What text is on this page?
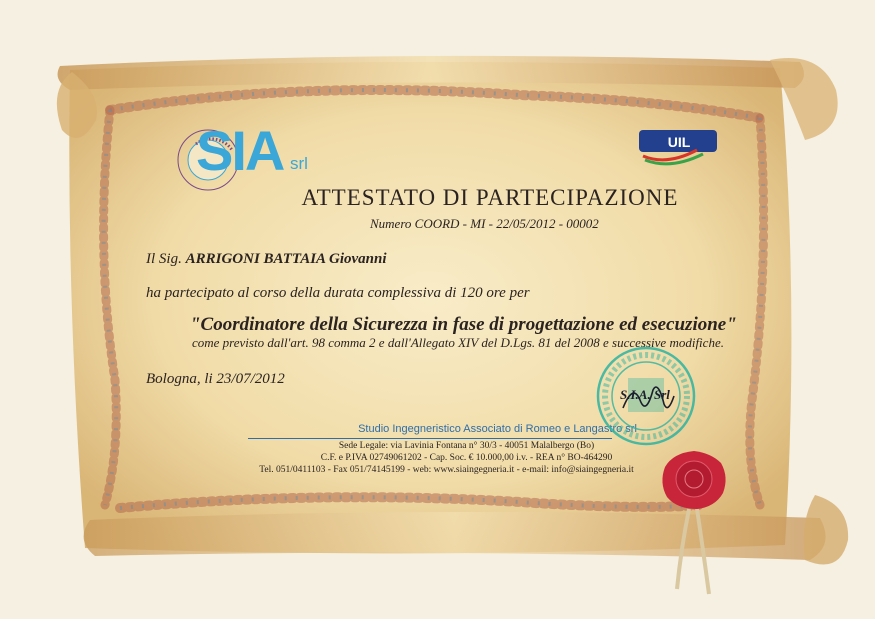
SIA srl
UIL
ATTESTATO DI PARTECIPAZIONE
Numero COORD - MI - 22/05/2012 - 00002
Il Sig. ARRIGONI BATTAIA Giovanni
ha partecipato al corso della durata complessiva di 120 ore per
"Coordinatore della Sicurezza in fase di progettazione ed esecuzione"
come previsto dall'art. 98 comma 2 e dall'Allegato XIV del D.Lgs. 81 del 2008 e successive modifiche.
Bologna, li 23/07/2012
Studio Ingegneristico Associato di Romeo e Langastro srl
Sede Legale: via Lavinia Fontana n° 30/3 - 40051 Malalbergo (Bo)
C.F. e P.IVA 02749061202 - Cap. Soc. € 10.000,00 i.v. - REA n° BO-464290
Tel. 051/0411103 - Fax 051/74145199 - web: www.siaingegneria.it - e-mail: info@siaingegneria.it
S.I.A. Srl
